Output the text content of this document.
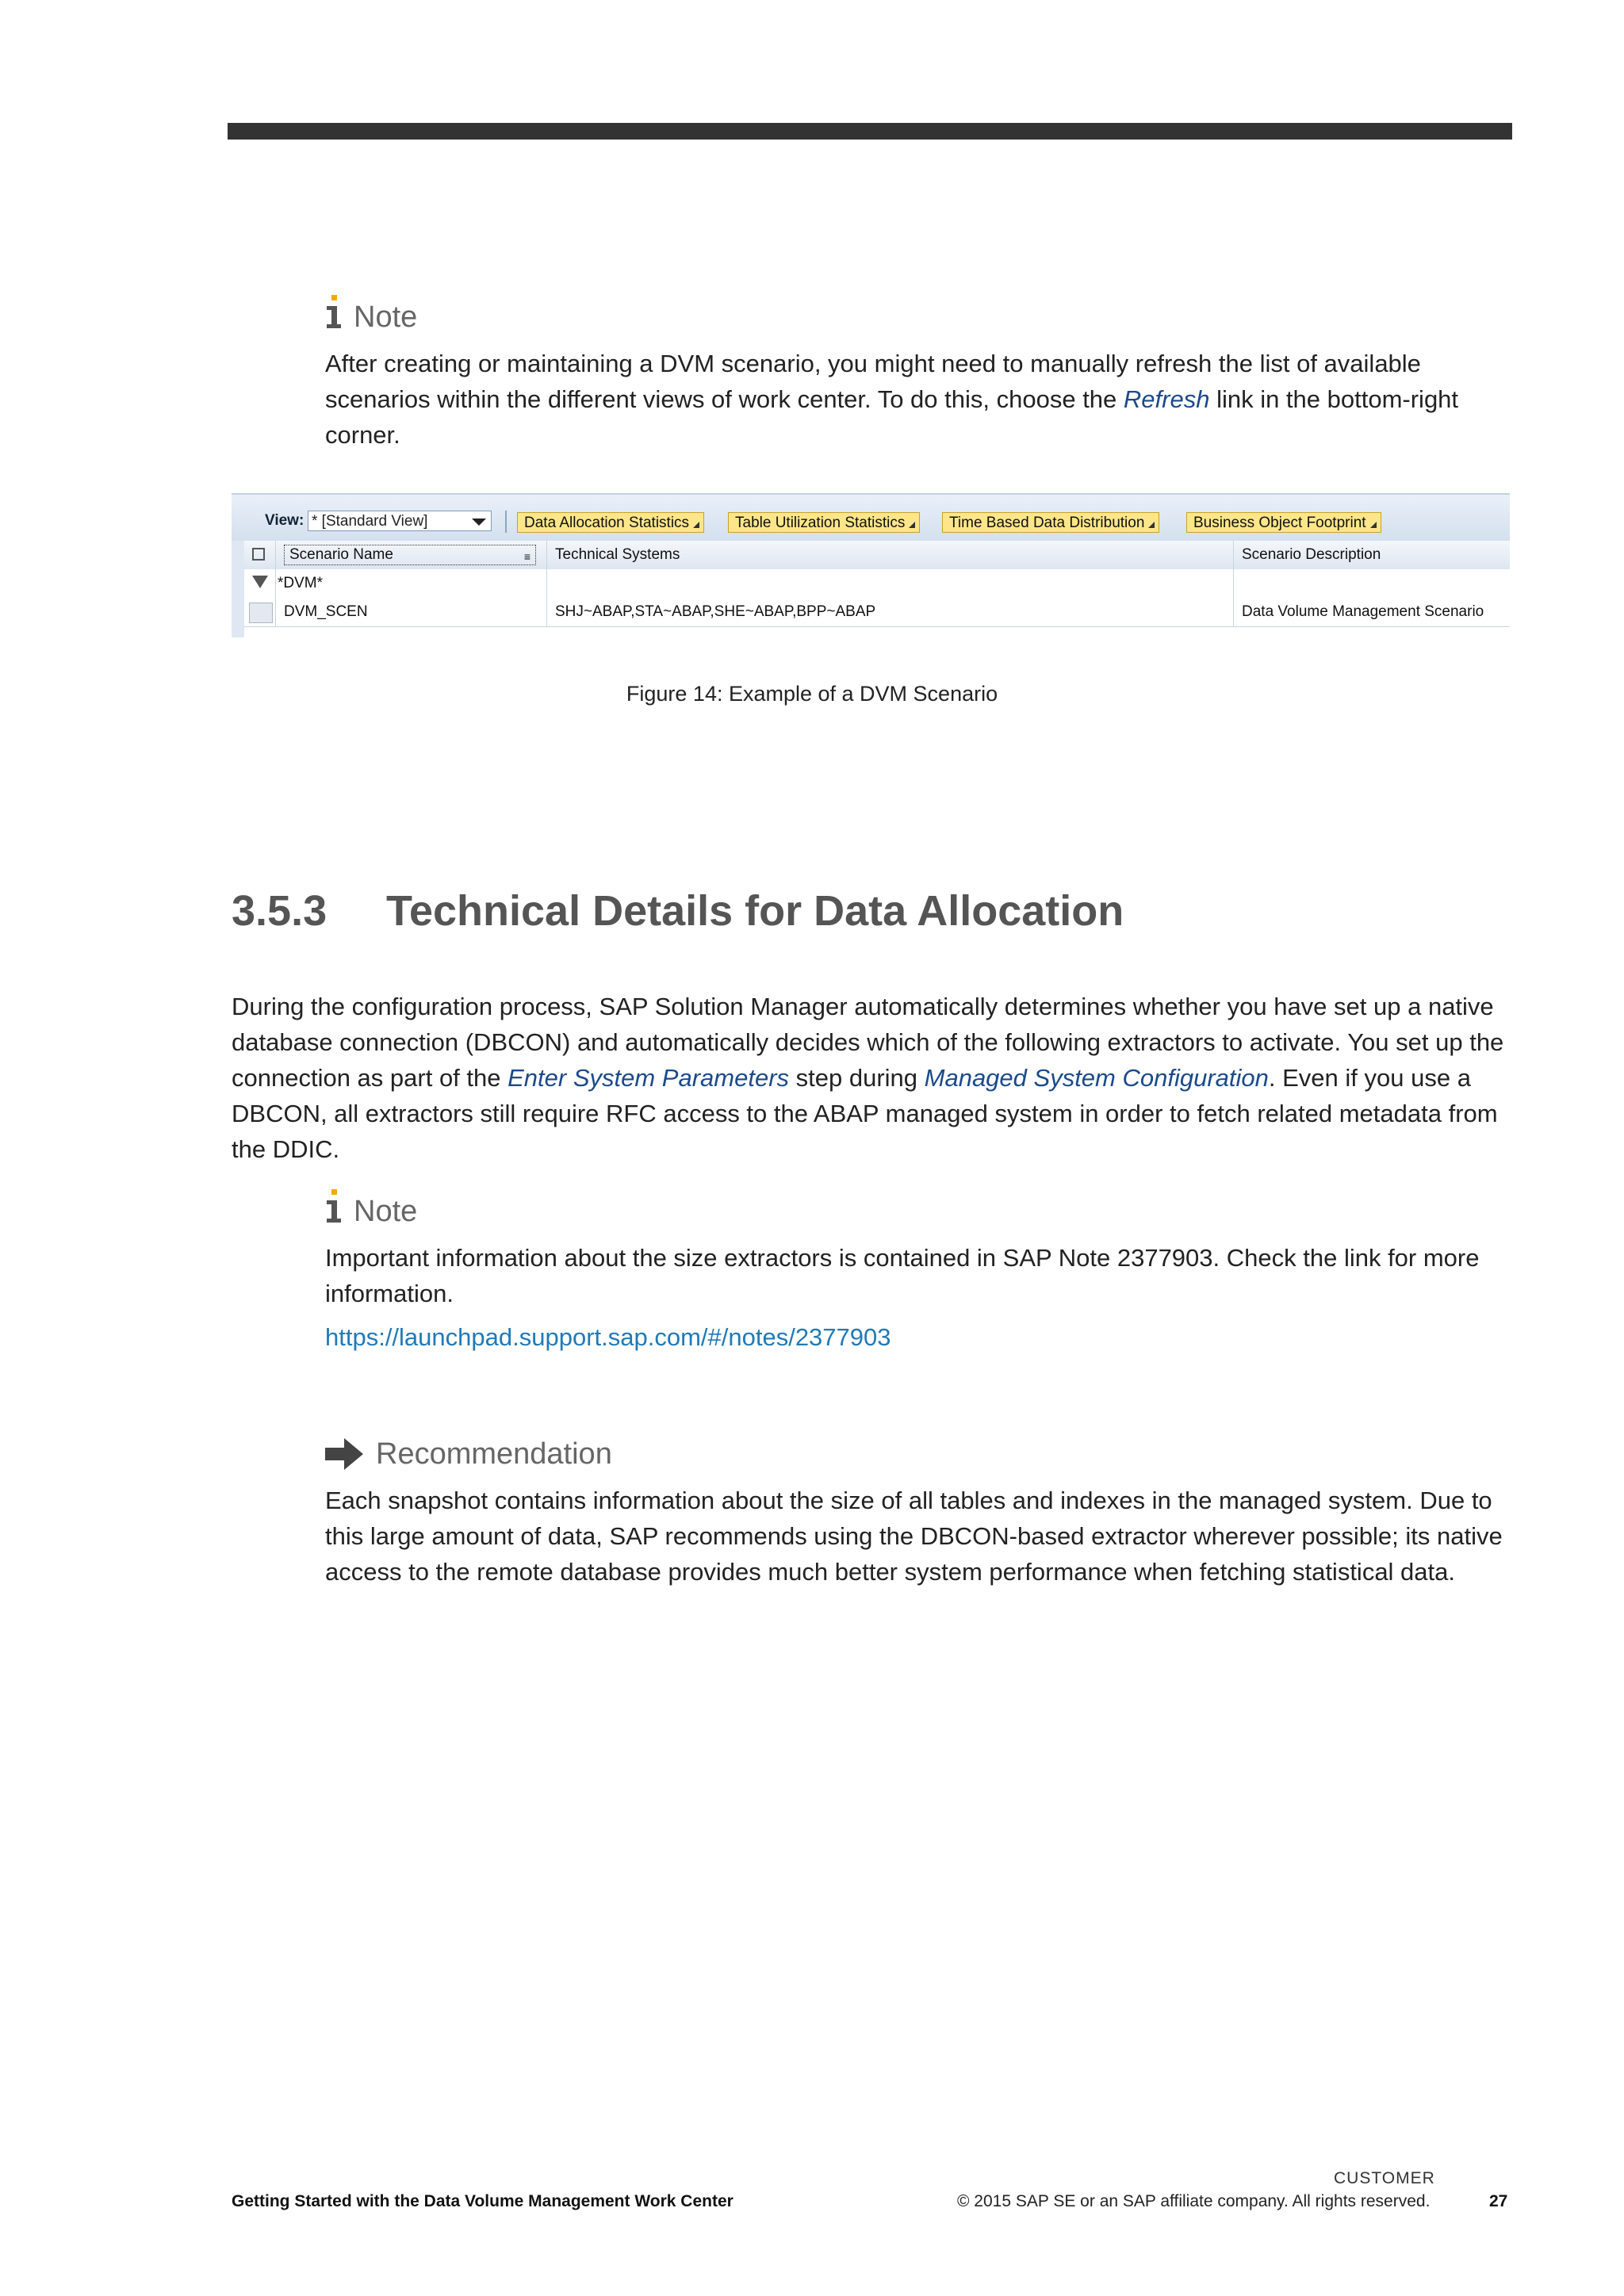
Note

After creating or maintaining a DVM scenario, you might need to manually refresh the list of available scenarios within the different views of work center. To do this, choose the Refresh link in the bottom-right corner.

View: * [Standard View]	Data Allocation Statistics	Table Utilization Statistics	Time Based Data Distribution	Business Object Footprint
Scenario Name	≡	Technical Systems	Scenario Description
*DVM*
DVM_SCEN	SHJ~ABAP,STA~ABAP,SHE~ABAP,BPP~ABAP	Data Volume Management Scenario
Figure 14: Example of a DVM Scenario
3.5.3 Technical Details for Data Allocation

During the configuration process, SAP Solution Manager automatically determines whether you have set up a native database connection (DBCON) and automatically decides which of the following extractors to activate. You set up the connection as part of the Enter System Parameters step during Managed System Configuration. Even if you use a DBCON, all extractors still require RFC access to the ABAP managed system in order to fetch related metadata from the DDIC.

Note

Important information about the size extractors is contained in SAP Note 2377903. Check the link for more information.

https://launchpad.support.sap.com/#/notes/2377903

Recommendation

Each snapshot contains information about the size of all tables and indexes in the managed system. Due to this large amount of data, SAP recommends using the DBCON-based extractor wherever possible; its native access to the remote database provides much better system performance when fetching statistical data.

Getting Started with the Data Volume Management Work Center
CUSTOMER
© 2015 SAP SE or an SAP affiliate company. All rights reserved.	27
